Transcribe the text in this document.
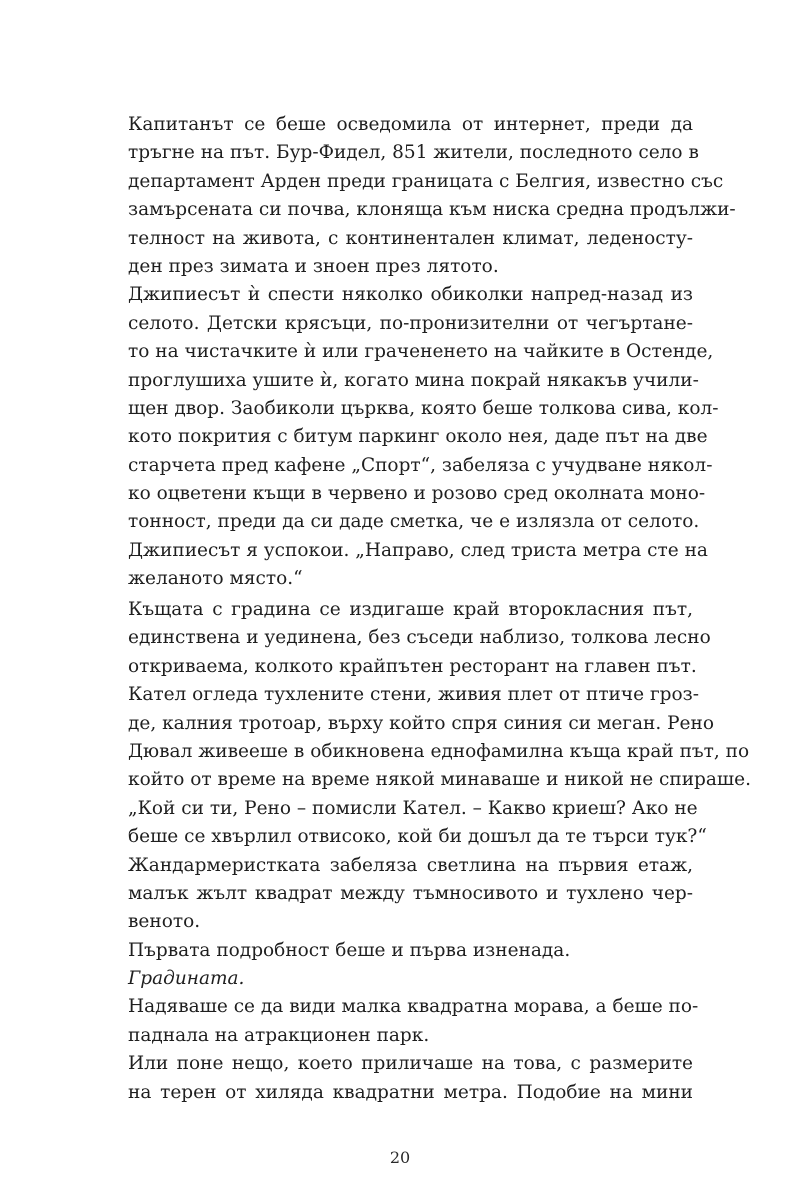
Капитанът се беше осведомила от интернет, преди да
тръгне на път. Бур-Фидел, 851 жители, последното село в
департамент Арден преди границата с Белгия, известно със
замърсената си почва, клоняща към ниска средна продължи-
телност на живота, с континентален климат, леденосту-
ден през зимата и зноен през лятото.
Джипиесът ѝ спести няколко обиколки напред-назад из
селото. Детски крясъци, по-пронизителни от чегъртане-
то на чистачките ѝ или грачененето на чайките в Остенде,
проглушиха ушите ѝ, когато мина покрай някакъв учили-
щен двор. Заобиколи църква, която беше толкова сива, кол-
кото покрития с битум паркинг около нея, даде път на две
старчета пред кафене „Спорт“, забеляза с учудване някол-
ко оцветени къщи в червено и розово сред околната моно-
тонност, преди да си даде сметка, че е излязла от селото.
Джипиесът я успокои. „Направо, след триста метра сте на
желаното място.“
Къщата с градина се издигаше край второкласния път,
единствена и уединена, без съседи наблизо, толкова лесно
откриваема, колкото крайпътен ресторант на главен път.
Кател огледа тухлените стени, живия плет от птиче гроз-
де, калния тротоар, върху който спря синия си меган. Рено
Дювал живееше в обикновена еднофамилна къща край път, по
който от време на време някой минаваше и никой не спираше.
„Кой си ти, Рено – помисли Кател. – Какво криеш? Ако не
беше се хвърлил отвисоко, кой би дошъл да те търси тук?“
Жандармеристката забеляза светлина на първия етаж,
малък жълт квадрат между тъмносивото и тухлено чер-
веното.
Първата подробност беше и първа изненада.
Градината.
Надяваше се да види малка квадратна морава, а беше по-
паднала на атракционен парк.
Или поне нещо, което приличаше на това, с размерите
на терен от хиляда квадратни метра. Подобие на мини
20
